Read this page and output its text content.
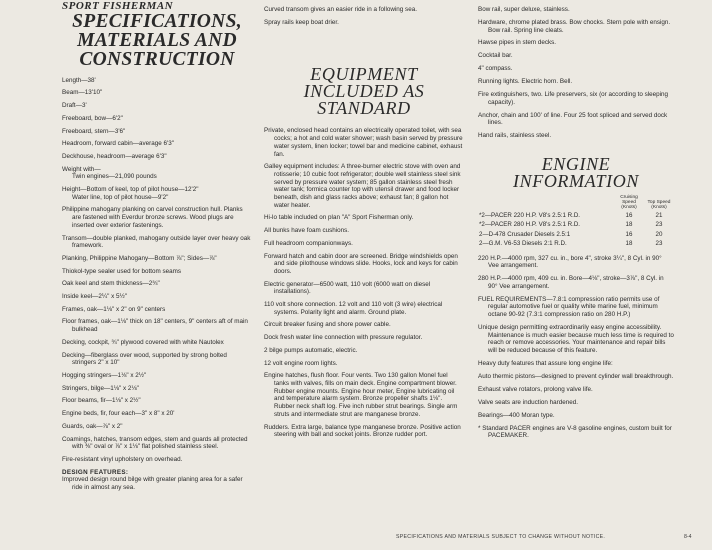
SPORT FISHERMAN
SPECIFICATIONS,
MATERIALS AND
CONSTRUCTION
Length—38'
Beam—13'10"
Draft—3'
Freeboard, bow—6'2"
Freeboard, stern—3'6"
Headroom, forward cabin—average 6'3"
Deckhouse, headroom—average 6'3"
Weight with—
Twin engines—21,090 pounds
Height—Bottom of keel, top of pilot house—12'2"
Water line, top of pilot house—9'2"
Philippine mahogany planking on carvel construction hull. Planks are fastened with Everdur bronze screws. Wood plugs are inserted over exterior fastenings.
Transom—double planked, mahogany outside layer over heavy oak framework.
Planking, Philippine Mahogany—Bottom ⅞"; Sides—⅞"
Thiokol-type sealer used for bottom seams
Oak keel and stem thickness—2¾"
Inside keel—2¼" x 5½"
Frames, oak—1⅛" x 2" on 9" centers
Floor frames, oak—1⅛" thick on 18" centers, 9" centers aft of main bulkhead
Decking, cockpit, ¾" plywood covered with white Nautolex
Decking—fiberglass over wood, supported by strong bolted stringers 2" x 10"
Hogging stringers—1⅛" x 2½"
Stringers, bilge—1⅛" x 2⅛"
Floor beams, fir—1⅛" x 2½"
Engine beds, fir, four each—3" x 8" x 20'
Guards, oak—⅞" x 2"
Coamings, hatches, transom edges, stem and guards all protected with ⅜" oval or ⅞" x 1⅛" flat polished stainless steel.
Fire-resistant vinyl upholstery on overhead.
DESIGN FEATURES:
Improved design round bilge with greater planing area for a safer ride in almost any sea.
Curved transom gives an easier ride in a following sea.
Spray rails keep boat drier.
EQUIPMENT
INCLUDED AS
STANDARD
Private, enclosed head contains an electrically operated toilet, with sea cocks; a hot and cold water shower; wash basin served by pressure water system, linen locker; towel bar and medicine cabinet, exhaust fan.
Galley equipment includes: A three-burner electric stove with oven and rotisserie; 10 cubic foot refrigerator; double well stainless steel sink served by pressure water system; 85 gallon stainless steel fresh water tank; formica counter top with utensil drawer and food locker beneath, dish and glass racks above; exhaust fan; 8 gallon hot water heater.
Hi-lo table included on plan "A" Sport Fisherman only.
All bunks have foam cushions.
Full headroom companionways.
Forward hatch and cabin door are screened. Bridge windshields open and side pilothouse windows slide. Hooks, lock and keys for cabin doors.
Electric generator—6500 watt, 110 volt (6000 watt on diesel installations).
110 volt shore connection. 12 volt and 110 volt (3 wire) electrical systems. Polarity light and alarm. Ground plate.
Circuit breaker fusing and shore power cable.
Dock fresh water line connection with pressure regulator.
2 bilge pumps automatic, electric.
12 volt engine room lights.
Engine hatches, flush floor. Four vents. Two 130 gallon Monel fuel tanks with valves, fills on main deck. Engine compartment blower. Rubber engine mounts. Engine hour meter, Engine lubricating oil and temperature alarm system. Bronze propeller shafts 1⅛". Rubber neck shaft log. Five inch rubber strut bearings. Single arm struts and intermediate strut are manganese bronze.
Rudders. Extra large, balance type manganese bronze. Positive action steering with ball and socket joints. Bronze rudder port.
Bow rail, super deluxe, stainless.
Hardware, chrome plated brass. Bow chocks. Stern pole with ensign. Bow rail. Spring line cleats.
Hawse pipes in stem decks.
Cocktail bar.
4" compass.
Running lights. Electric horn. Bell.
Fire extinguishers, two. Life preservers, six (or according to sleeping capacity).
Anchor, chain and 100' of line. Four 25 foot spliced and served dock lines.
Hand rails, stainless steel.
ENGINE
INFORMATION
	Cruising Speed (Knots)	Top Speed (Knots)
*2—PACER 220 H.P. V8's 2.5:1 R.D.	16	21
*2—PACER 280 H.P. V8's 2.5:1 R.D.	18	23
2—D-478 Crusader Diesels 2.5:1	16	20
2—G.M. V6-53 Diesels 2:1 R.D.	18	23
220 H.P.—4000 rpm, 327 cu. in., bore 4", stroke 3¼", 8 Cyl. in 90° Vee arrangement.
280 H.P.—4000 rpm, 409 cu. in. Bore—4⅛", stroke—3⅞", 8 Cyl. in 90° Vee arrangement.
FUEL REQUIREMENTS—7.8:1 compression ratio permits use of regular automotive fuel or quality white marine fuel, minimum octane 90-92 (7.3:1 compression ratio on 280 H.P.)
Unique design permitting extraordinarily easy engine accessibility. Maintenance is much easier because much less time is required to reach or remove accessories. Your maintenance and repair bills will be reduced because of this feature.
Heavy duty features that assure long engine life:
Auto thermic pistons—designed to prevent cylinder wall breakthrough.
Exhaust valve rotators, prolong valve life.
Valve seats are induction hardened.
Bearings—400 Moran type.
* Standard PACER engines are V-8 gasoline engines, custom built for PACEMAKER.
SPECIFICATIONS AND MATERIALS SUBJECT TO CHANGE WITHOUT NOTICE.	8-4
